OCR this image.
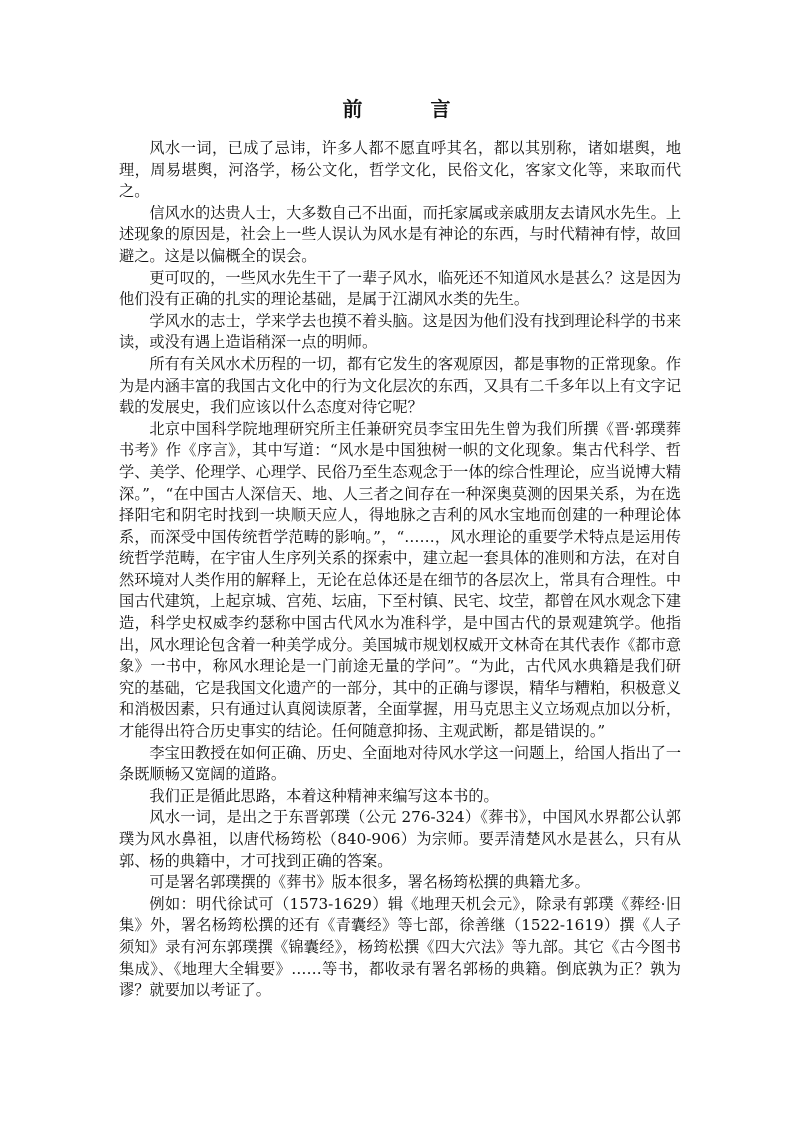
前　言

风水一词，已成了忌讳，许多人都不愿直呼其名，都以其别称，诸如堪舆，地理，周易堪舆，河洛学，杨公文化，哲学文化，民俗文化，客家文化等，来取而代之。

信风水的达贵人士，大多数自己不出面，而托家属或亲戚朋友去请风水先生。上述现象的原因是，社会上一些人误认为风水是有神论的东西，与时代精神有悖，故回避之。这是以偏概全的误会。

更可叹的，一些风水先生干了一辈子风水，临死还不知道风水是甚么？这是因为他们没有正确的扎实的理论基础，是属于江湖风水类的先生。

学风水的志士，学来学去也摸不着头脑。这是因为他们没有找到理论科学的书来读，或没有遇上造诣稍深一点的明师。

所有有关风水术历程的一切，都有它发生的客观原因，都是事物的正常现象。作为是内涵丰富的我国古文化中的行为文化层次的东西，又具有二千多年以上有文字记载的发展史，我们应该以什么态度对待它呢？

北京中国科学院地理研究所主任兼研究员李宝田先生曾为我们所撰《晋·郭璞葬书考》作《序言》，其中写道：“风水是中国独树一帜的文化现象。集古代科学、哲学、美学、伦理学、心理学、民俗乃至生态观念于一体的综合性理论，应当说博大精深。”，“在中国古人深信天、地、人三者之间存在一种深奥莫测的因果关系，为在选择阳宅和阴宅时找到一块顺天应人，得地脉之吉利的风水宝地而创建的一种理论体系，而深受中国传统哲学范畴的影响。”，“……，风水理论的重要学术特点是运用传统哲学范畴，在宇宙人生序列关系的探索中，建立起一套具体的准则和方法，在对自然环境对人类作用的解释上，无论在总体还是在细节的各层次上，常具有合理性。中国古代建筑，上起京城、宫苑、坛庙，下至村镇、民宅、坟茔，都曾在风水观念下建造，科学史权威李约瑟称中国古代风水为准科学，是中国古代的景观建筑学。他指出，风水理论包含着一种美学成分。美国城市规划权威开文林奇在其代表作《都市意象》一书中，称风水理论是一门前途无量的学问”。“为此，古代风水典籍是我们研究的基础，它是我国文化遗产的一部分，其中的正确与谬误，精华与糟粕，积极意义和消极因素，只有通过认真阅读原著，全面掌握，用马克思主义立场观点加以分析，才能得出符合历史事实的结论。任何随意抑扬、主观武断，都是错误的。”

李宝田教授在如何正确、历史、全面地对待风水学这一问题上，给国人指出了一条既顺畅又宽阔的道路。

我们正是循此思路，本着这种精神来编写这本书的。

风水一词，是出之于东晋郭璞（公元 276-324）《葬书》，中国风水界都公认郭璞为风水鼻祖，以唐代杨筠松（840-906）为宗师。要弄清楚风水是甚么，只有从郭、杨的典籍中，才可找到正确的答案。

可是署名郭璞撰的《葬书》版本很多，署名杨筠松撰的典籍尤多。

例如：明代徐试可（1573-1629）辑《地理天机会元》，除录有郭璞《葬经·旧集》外，署名杨筠松撰的还有《青囊经》等七部，徐善继（1522-1619）撰《人子须知》录有河东郭璞撰《锦囊经》，杨筠松撰《四大穴法》等九部。其它《古今图书集成》、《地理大全辑要》……等书，都收录有署名郭杨的典籍。倒底孰为正？孰为谬？就要加以考证了。
